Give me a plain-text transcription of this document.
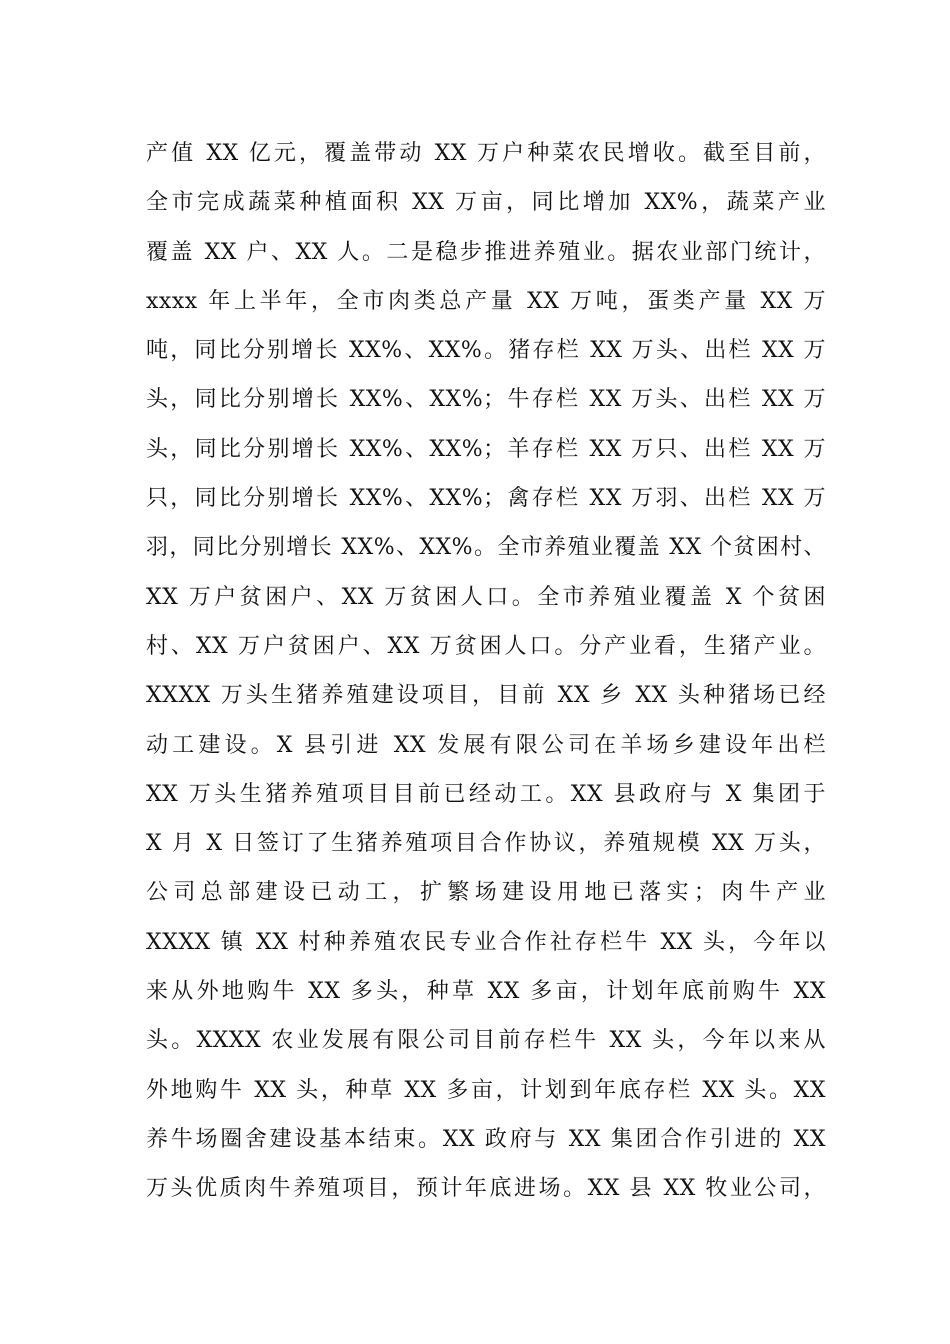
产值 XX 亿元，覆盖带动 XX 万户种菜农民增收。截至目前，
全市完成蔬菜种植面积 XX 万亩，同比增加 XX%，蔬菜产业
覆盖 XX 户、XX 人。二是稳步推进养殖业。据农业部门统计，
xxxx 年上半年，全市肉类总产量 XX 万吨，蛋类产量 XX 万
吨，同比分别增长 XX%、XX%。猪存栏 XX 万头、出栏 XX 万
头，同比分别增长 XX%、XX%；牛存栏 XX 万头、出栏 XX 万
头，同比分别增长 XX%、XX%；羊存栏 XX 万只、出栏 XX 万
只，同比分别增长 XX%、XX%；禽存栏 XX 万羽、出栏 XX 万
羽，同比分别增长 XX%、XX%。全市养殖业覆盖 XX 个贫困村、
XX 万户贫困户、XX 万贫困人口。全市养殖业覆盖 X 个贫困
村、XX 万户贫困户、XX 万贫困人口。分产业看，生猪产业。
XXXX 万头生猪养殖建设项目，目前 XX 乡 XX 头种猪场已经
动工建设。X 县引进 XX 发展有限公司在羊场乡建设年出栏
XX 万头生猪养殖项目目前已经动工。XX 县政府与 X 集团于
X 月 X 日签订了生猪养殖项目合作协议，养殖规模 XX 万头，
公司总部建设已动工，扩繁场建设用地已落实；肉牛产业
XXXX 镇 XX 村种养殖农民专业合作社存栏牛 XX 头，今年以
来从外地购牛 XX 多头，种草 XX 多亩，计划年底前购牛 XX
头。XXXX 农业发展有限公司目前存栏牛 XX 头，今年以来从
外地购牛 XX 头，种草 XX 多亩，计划到年底存栏 XX 头。XX
养牛场圈舍建设基本结束。XX 政府与 XX 集团合作引进的 XX
万头优质肉牛养殖项目，预计年底进场。XX 县 XX 牧业公司，
